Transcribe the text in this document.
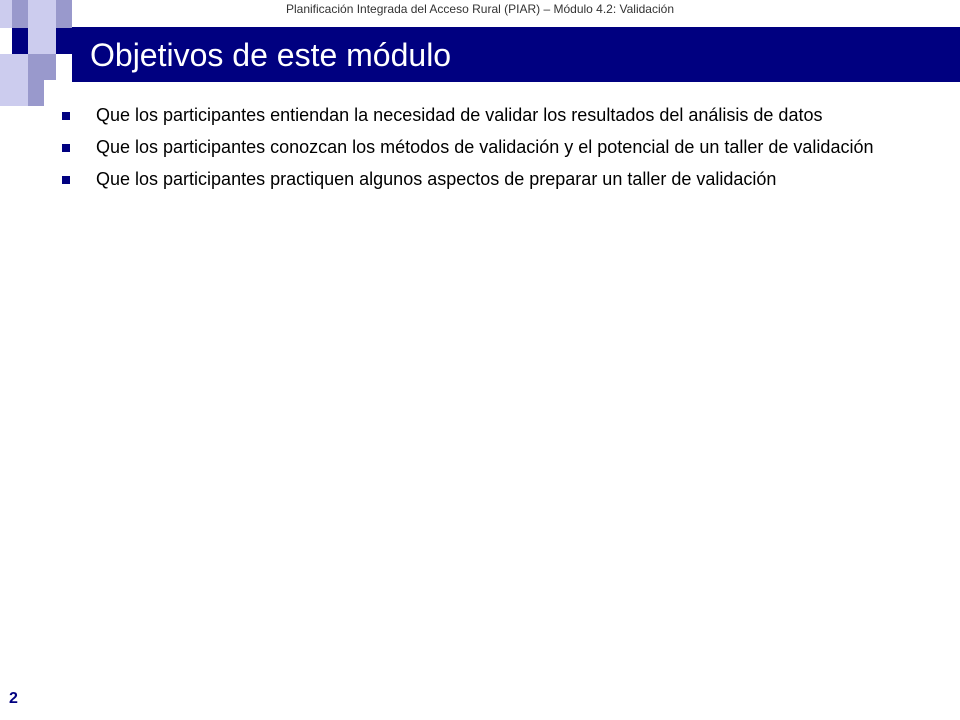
Planificación Integrada del Acceso Rural (PIAR) – Módulo 4.2: Validación
Objetivos de este módulo
Que los participantes entiendan la necesidad de validar los resultados del análisis de datos
Que los participantes conozcan los métodos de validación y el potencial de un taller de validación
Que los participantes practiquen algunos aspectos de preparar un taller de validación
2
